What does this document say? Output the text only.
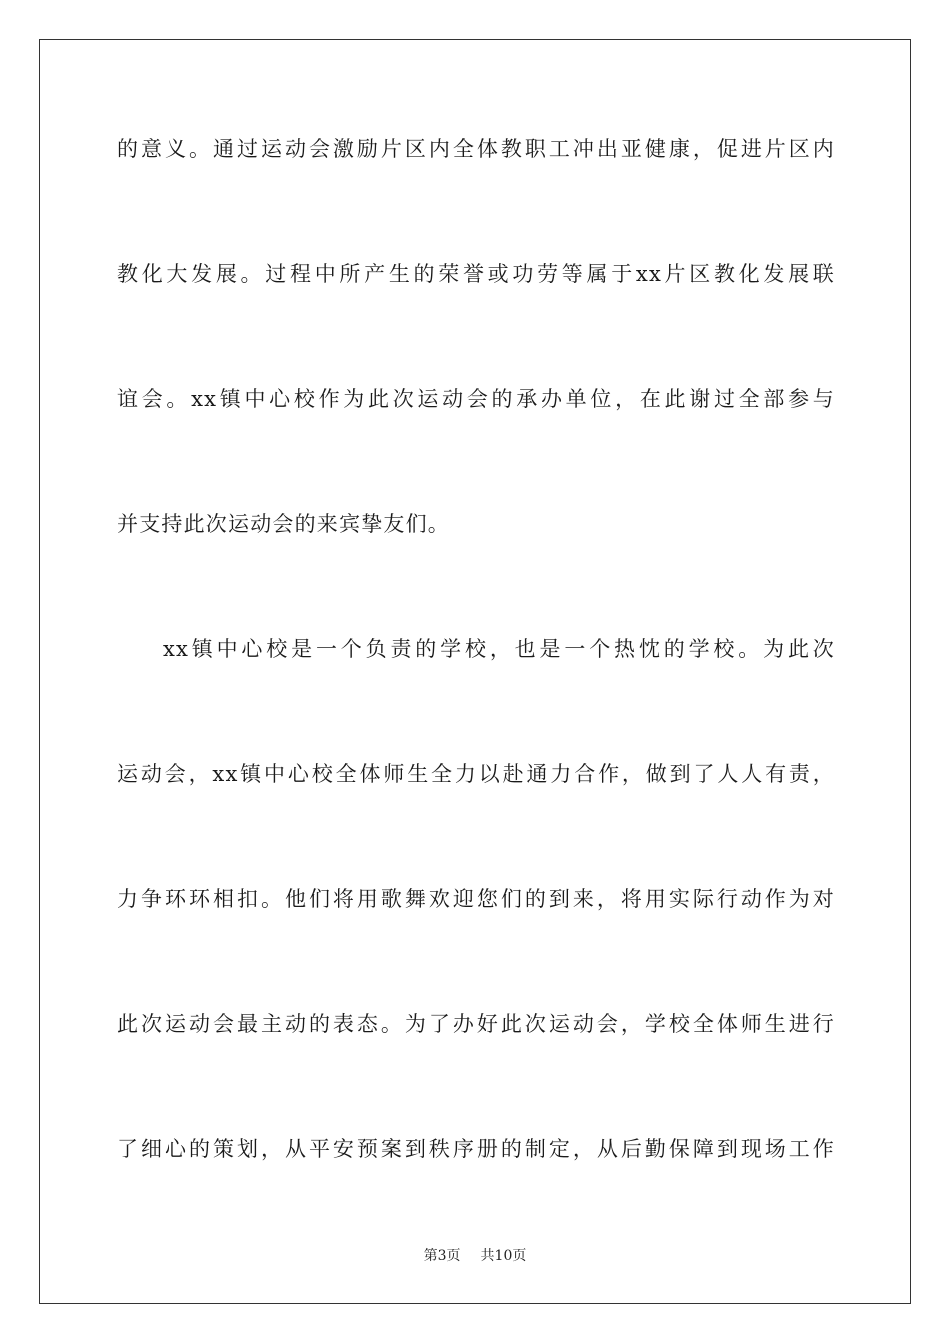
的意义。通过运动会激励片区内全体教职工冲出亚健康，促进片区内
教化大发展。过程中所产生的荣誉或功劳等属于xx片区教化发展联
谊会。xx镇中心校作为此次运动会的承办单位，在此谢过全部参与
并支持此次运动会的来宾挚友们。
xx镇中心校是一个负责的学校，也是一个热忱的学校。为此次
运动会，xx镇中心校全体师生全力以赴通力合作，做到了人人有责，
力争环环相扣。他们将用歌舞欢迎您们的到来，将用实际行动作为对
此次运动会最主动的表态。为了办好此次运动会，学校全体师生进行
了细心的策划，从平安预案到秩序册的制定，从后勤保障到现场工作
第3页 共10页
